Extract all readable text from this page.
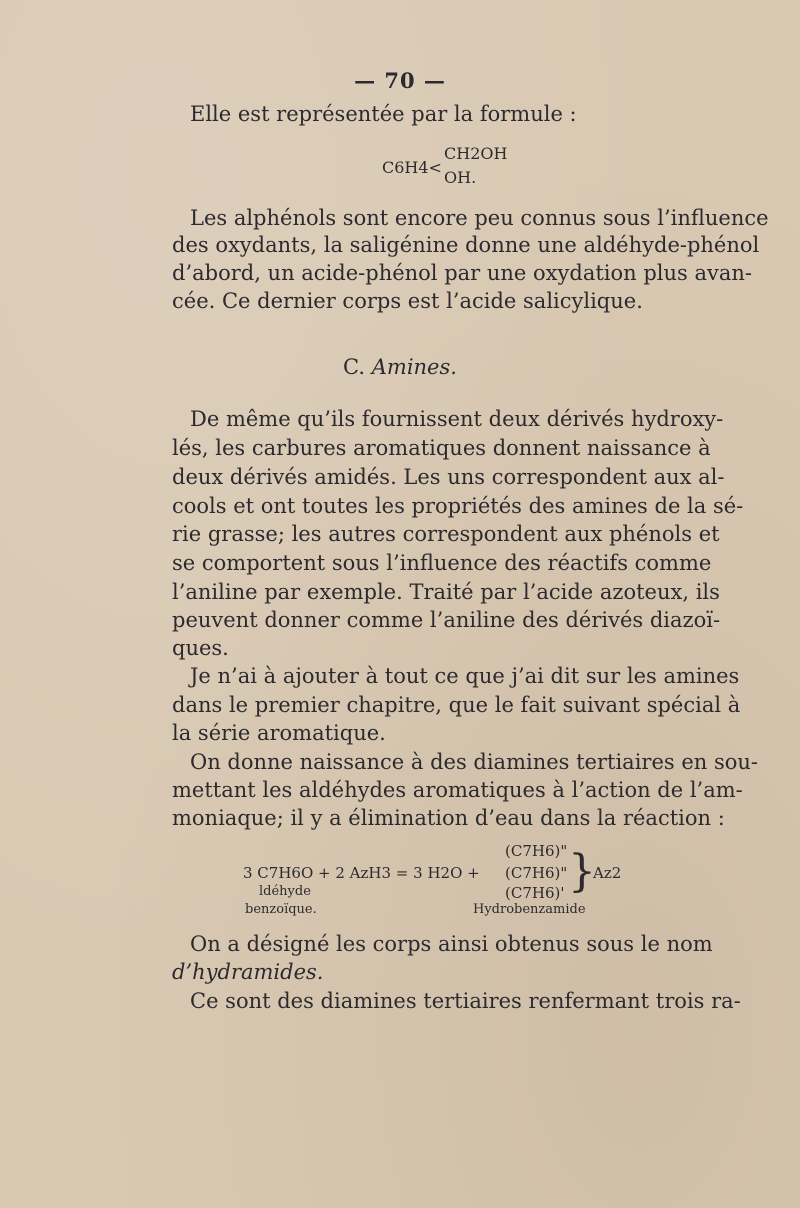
— 70 —
Elle est représentée par la formule :
C6H4<
CH2OH
OH.
Les alphénols sont encore peu connus sous l’influence
des oxydants, la saligénine donne une aldéhyde-phénol
d’abord, un acide-phénol par une oxydation plus avan-
cée. Ce dernier corps est l’acide salicylique.
C. Amines.
De même qu’ils fournissent deux dérivés hydroxy-
lés, les carbures aromatiques donnent naissance à
deux dérivés amidés. Les uns correspondent aux al-
cools et ont toutes les propriétés des amines de la sé-
rie grasse; les autres correspondent aux phénols et
se comportent sous l’influence des réactifs comme
l’aniline par exemple. Traité par l’acide azoteux, ils
peuvent donner comme l’aniline des dérivés diazoï-
ques.
Je n’ai à ajouter à tout ce que j’ai dit sur les amines
dans le premier chapitre, que le fait suivant spécial à
la série aromatique.
On donne naissance à des diamines tertiaires en sou-
mettant les aldéhydes aromatiques à l’action de l’am-
moniaque; il y a élimination d’eau dans la réaction :
3 C7H6O + 2 AzH3 = 3 H2O +
(C7H6)"
(C7H6)"
(C7H6)' }
Az2
ldéhyde
benzoïque.	Hydrobenzamide
On a désigné les corps ainsi obtenus sous le nom
d’hydramides.
Ce sont des diamines tertiaires renfermant trois ra-
